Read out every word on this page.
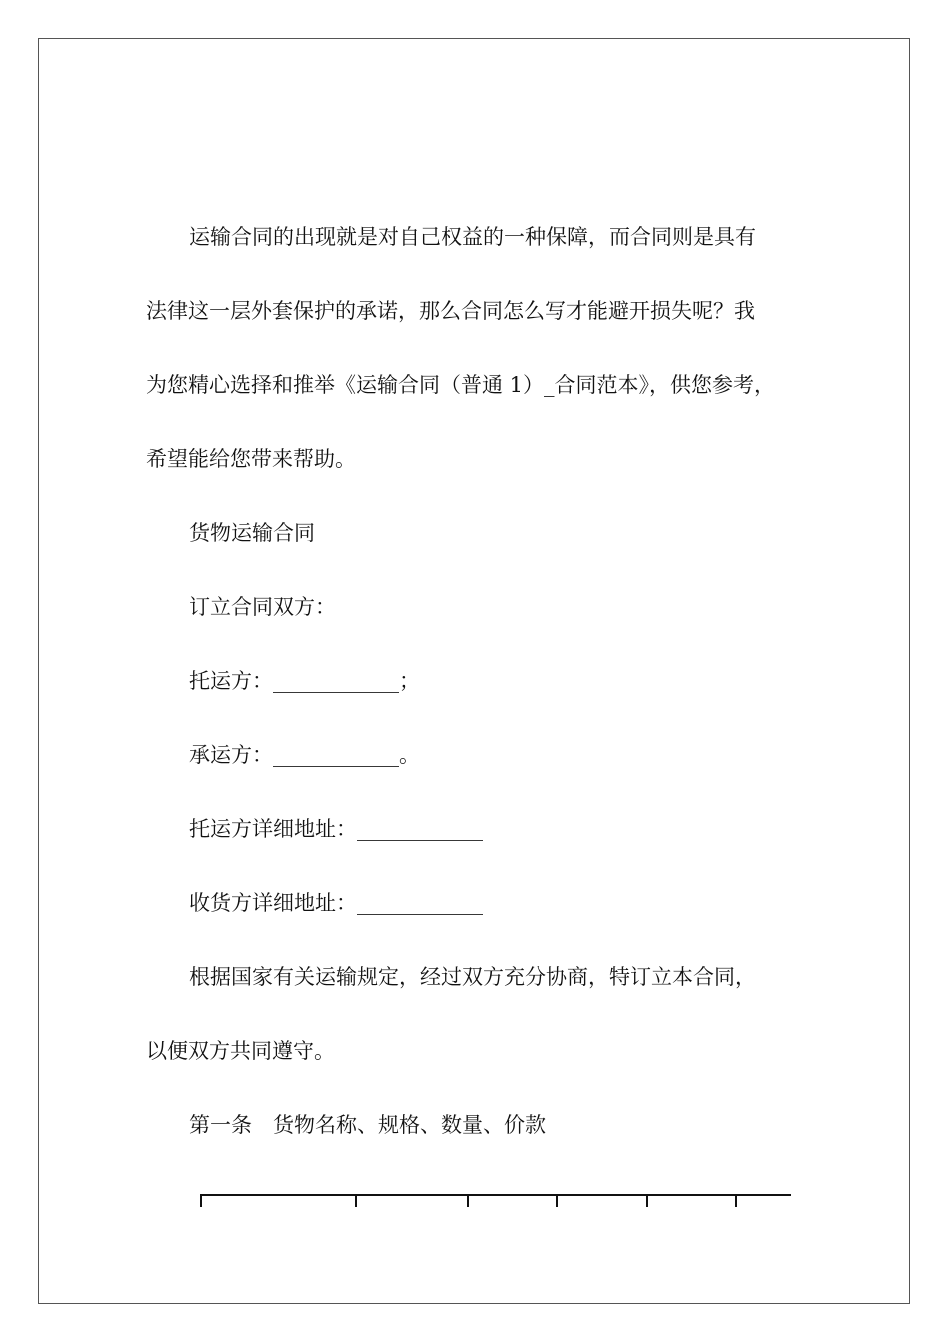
运输合同的出现就是对自己权益的一种保障，而合同则是具有

法律这一层外套保护的承诺，那么合同怎么写才能避开损失呢？我

为您精心选择和推举《运输合同（普通 1）_合同范本》，供您参考，

希望能给您带来帮助。

货物运输合同

订立合同双方：

托运方：____________；

承运方：____________。

托运方详细地址：____________

收货方详细地址：____________

根据国家有关运输规定，经过双方充分协商，特订立本合同，

以便双方共同遵守。

第一条　货物名称、规格、数量、价款
